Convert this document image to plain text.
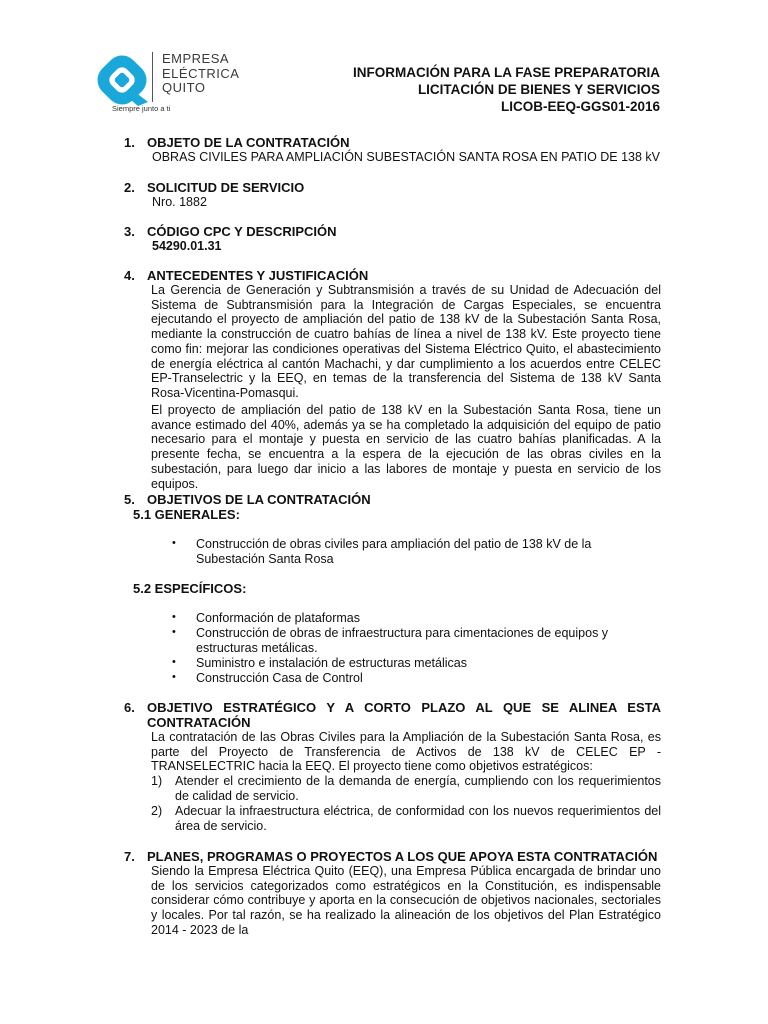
EMPRESA
ELÉCTRICA
QUITO
Siempre junto a ti
INFORMACIÓN PARA LA FASE PREPARATORIA
LICITACIÓN DE BIENES Y SERVICIOS
LICOB-EEQ-GGS01-2016
1. OBJETO DE LA CONTRATACIÓN
OBRAS CIVILES PARA AMPLIACIÓN SUBESTACIÓN SANTA ROSA EN PATIO DE 138 kV
2. SOLICITUD DE SERVICIO
Nro. 1882
3. CÓDIGO CPC Y DESCRIPCIÓN
54290.01.31
4. ANTECEDENTES Y JUSTIFICACIÓN
La Gerencia de Generación y Subtransmisión a través de su Unidad de Adecuación del Sistema de Subtransmisión para la Integración de Cargas Especiales, se encuentra ejecutando el proyecto de ampliación del patio de 138 kV de la Subestación Santa Rosa, mediante la construcción de cuatro bahías de línea a nivel de 138 kV. Este proyecto tiene como fin: mejorar las condiciones operativas del Sistema Eléctrico Quito, el abastecimiento de energía eléctrica al cantón Machachi, y dar cumplimiento a los acuerdos entre CELEC EP-Transelectric y la EEQ, en temas de la transferencia del Sistema de 138 kV Santa Rosa-Vicentina-Pomasqui.
El proyecto de ampliación del patio de 138 kV en la Subestación Santa Rosa, tiene un avance estimado del 40%, además ya se ha completado la adquisición del equipo de patio necesario para el montaje y puesta en servicio de las cuatro bahías planificadas. A la presente fecha, se encuentra a la espera de la ejecución de las obras civiles en la subestación, para luego dar inicio a las labores de montaje y puesta en servicio de los equipos.
5. OBJETIVOS DE LA CONTRATACIÓN
5.1 GENERALES:
• Construcción de obras civiles para ampliación del patio de 138 kV de la Subestación Santa Rosa
5.2 ESPECÍFICOS:
• Conformación de plataformas
• Construcción de obras de infraestructura para cimentaciones de equipos y estructuras metálicas.
• Suministro e instalación de estructuras metálicas
• Construcción Casa de Control
6. OBJETIVO ESTRATÉGICO Y A CORTO PLAZO AL QUE SE ALINEA ESTA CONTRATACIÓN
La contratación de las Obras Civiles para la Ampliación de la Subestación Santa Rosa, es parte del Proyecto de Transferencia de Activos de 138 kV de CELEC EP - TRANSELECTRIC hacia la EEQ. El proyecto tiene como objetivos estratégicos:
1) Atender el crecimiento de la demanda de energía, cumpliendo con los requerimientos de calidad de servicio.
2) Adecuar la infraestructura eléctrica, de conformidad con los nuevos requerimientos del área de servicio.
7. PLANES, PROGRAMAS O PROYECTOS A LOS QUE APOYA ESTA CONTRATACIÓN
Siendo la Empresa Eléctrica Quito (EEQ), una Empresa Pública encargada de brindar uno de los servicios categorizados como estratégicos en la Constitución, es indispensable considerar cómo contribuye y aporta en la consecución de objetivos nacionales, sectoriales y locales. Por tal razón, se ha realizado la alineación de los objetivos del Plan Estratégico 2014 - 2023 de la
